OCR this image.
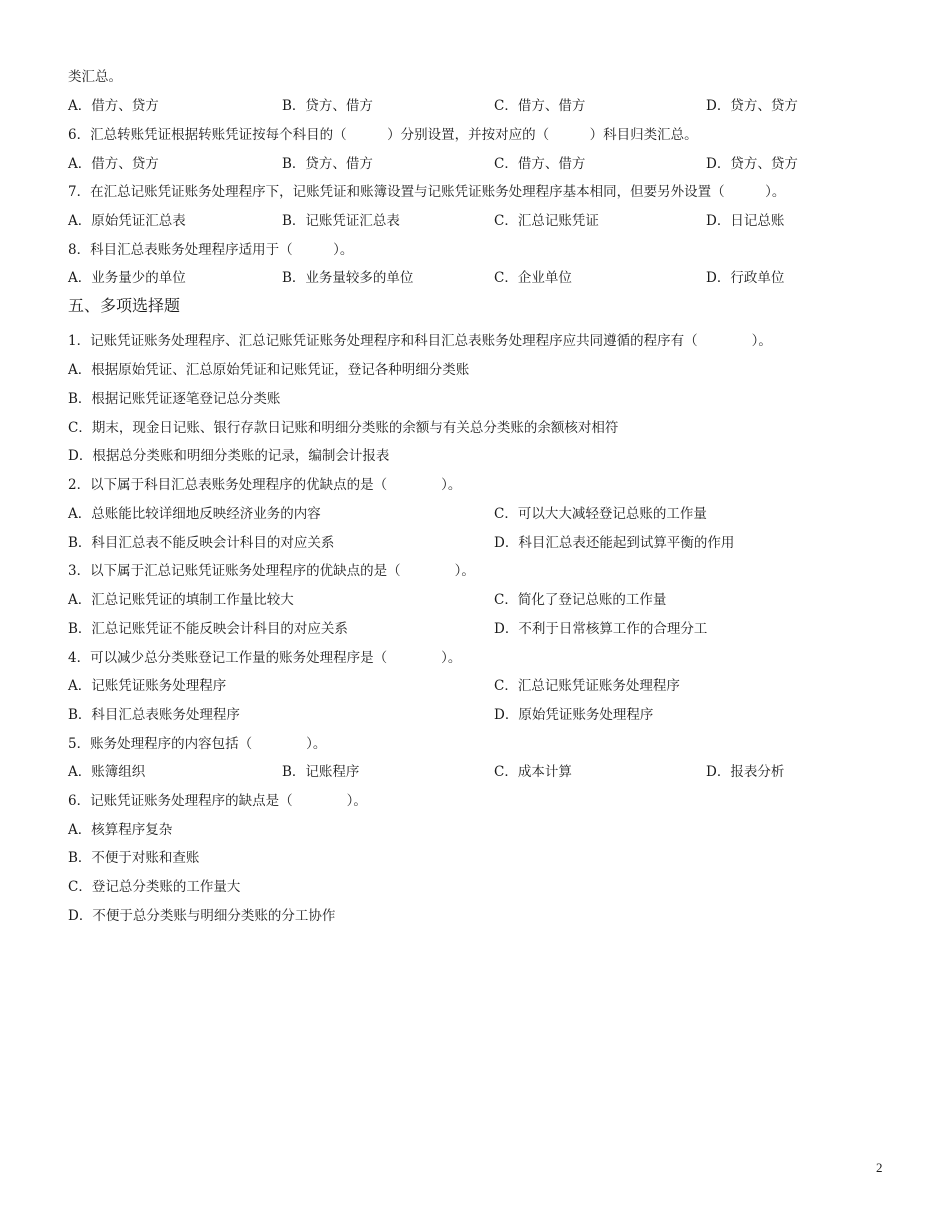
类汇总。
A．借方、贷方	B．贷方、借方	C．借方、借方	D．贷方、贷方
6．汇总转账凭证根据转账凭证按每个科目的（　　　）分别设置，并按对应的（　　　）科目归类汇总。
A．借方、贷方	B．贷方、借方	C．借方、借方	D．贷方、贷方
7．在汇总记账凭证账务处理程序下，记账凭证和账簿设置与记账凭证账务处理程序基本相同，但要另外设置（　　　）。
A．原始凭证汇总表	B．记账凭证汇总表	C．汇总记账凭证	D．日记总账
8．科目汇总表账务处理程序适用于（　　　）。
A．业务量少的单位	B．业务量较多的单位	C．企业单位	D．行政单位
五、多项选择题
1．记账凭证账务处理程序、汇总记账凭证账务处理程序和科目汇总表账务处理程序应共同遵循的程序有（　　　　）。
A．根据原始凭证、汇总原始凭证和记账凭证，登记各种明细分类账
B．根据记账凭证逐笔登记总分类账
C．期末，现金日记账、银行存款日记账和明细分类账的余额与有关总分类账的余额核对相符
D．根据总分类账和明细分类账的记录，编制会计报表
2．以下属于科目汇总表账务处理程序的优缺点的是（　　　　）。
A．总账能比较详细地反映经济业务的内容	C．可以大大减轻登记总账的工作量
B．科目汇总表不能反映会计科目的对应关系	D．科目汇总表还能起到试算平衡的作用
3．以下属于汇总记账凭证账务处理程序的优缺点的是（　　　　）。
A．汇总记账凭证的填制工作量比较大	C．简化了登记总账的工作量
B．汇总记账凭证不能反映会计科目的对应关系	D．不利于日常核算工作的合理分工
4．可以减少总分类账登记工作量的账务处理程序是（　　　　）。
A．记账凭证账务处理程序	C．汇总记账凭证账务处理程序
B．科目汇总表账务处理程序	D．原始凭证账务处理程序
5．账务处理程序的内容包括（　　　　）。
A．账簿组织	B．记账程序	C．成本计算	D．报表分析
6．记账凭证账务处理程序的缺点是（　　　　）。
A．核算程序复杂
B．不便于对账和查账
C．登记总分类账的工作量大
D．不便于总分类账与明细分类账的分工协作
2
